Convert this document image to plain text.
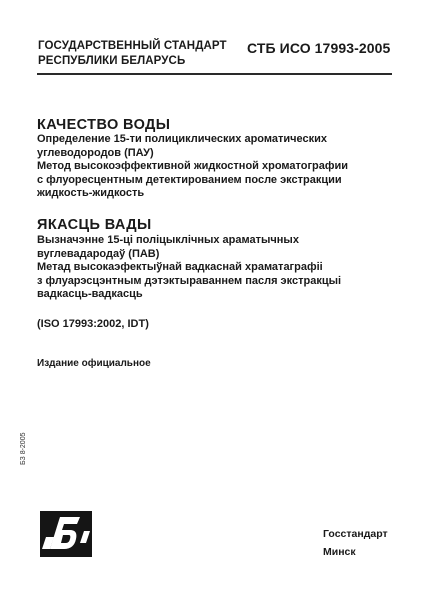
ГОСУДАРСТВЕННЫЙ СТАНДАРТ
РЕСПУБЛИКИ БЕЛАРУСЬ
СТБ ИСО 17993-2005
КАЧЕСТВО ВОДЫ
Определение 15-ти полициклических ароматических
углеводородов (ПАУ)
Метод высокоэффективной жидкостной хроматографии
с флуоресцентным детектированием после экстракции
жидкость-жидкость
ЯКАСЦЬ ВАДЫ
Вызначэнне 15-ці поліцыклічных араматычных
вуглевадародаў (ПАВ)
Метад высокаэфектыўнай вадкаснай храматаграфіі
з флуарэсцэнтным дэтэктыраваннем пасля экстракцыі
вадкасць-вадкасць
(ISO 17993:2002, IDT)
Издание официальное
БЗ 8-2005
Госстандарт
Минск
